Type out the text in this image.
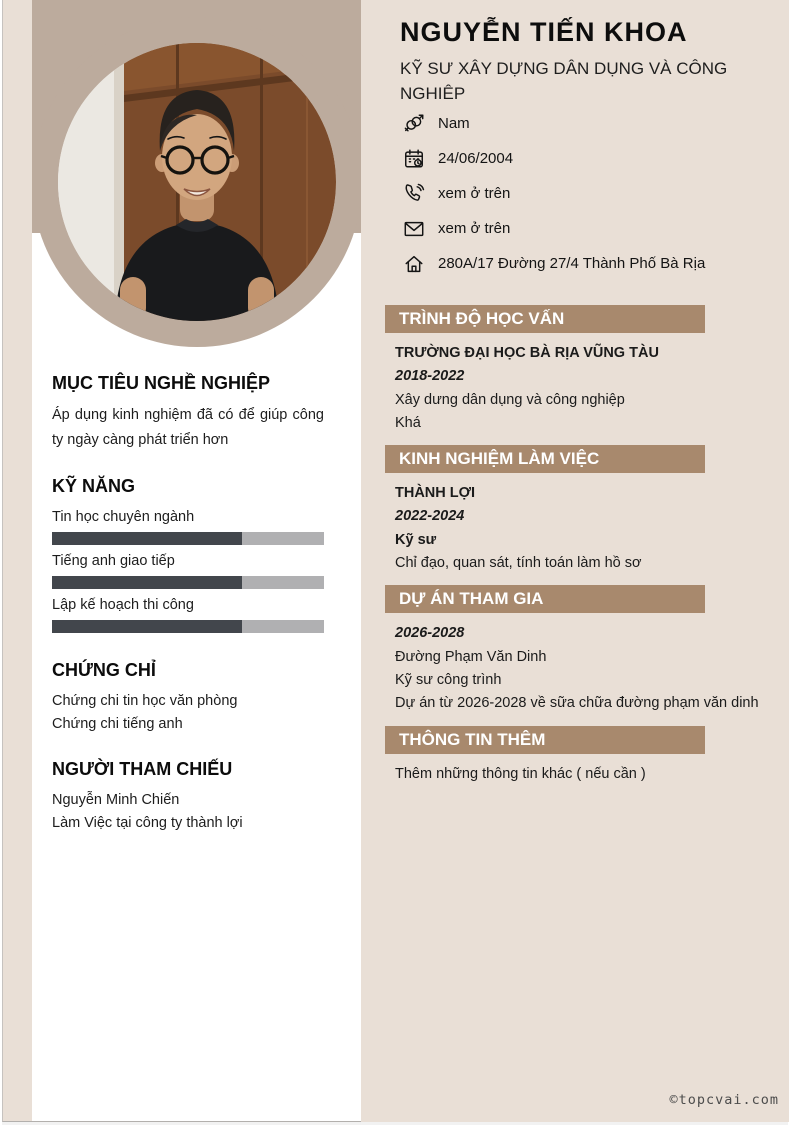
MỤC TIÊU NGHỀ NGHIỆP
Áp dụng kinh nghiệm đã có để giúp công ty ngày càng phát triển hơn
KỸ NĂNG
Tin học chuyên ngành
Tiếng anh giao tiếp
Lập kế hoạch thi công
CHỨNG CHỈ
Chứng chi tin học văn phòng
Chứng chi tiếng anh
NGƯỜI THAM CHIẾU
Nguyễn Minh Chiến
Làm Việc tại công ty thành lợi
NGUYỄN TIẾN KHOA
KỸ SƯ XÂY DỰNG DÂN DỤNG VÀ CÔNG NGHIÊP
Nam
24/06/2004
xem ở trên
xem ở trên
280A/17 Đường 27/4 Thành Phố Bà Rịa
TRÌNH ĐỘ HỌC VẤN
TRƯỜNG ĐẠI HỌC BÀ RỊA VŨNG TÀU
2018-2022
Xây dưng dân dụng và công nghiệp
Khá
KINH NGHIỆM LÀM VIỆC
THÀNH LỢI
2022-2024
Kỹ sư
Chỉ đạo, quan sát, tính toán làm hồ sơ
DỰ ÁN THAM GIA
2026-2028
Đường Phạm Văn Dinh
Kỹ sư công trình
Dự án từ 2026-2028 về sữa chữa đường phạm văn dinh
THÔNG TIN THÊM
Thêm những thông tin khác ( nếu cần )
©topcvai.com
